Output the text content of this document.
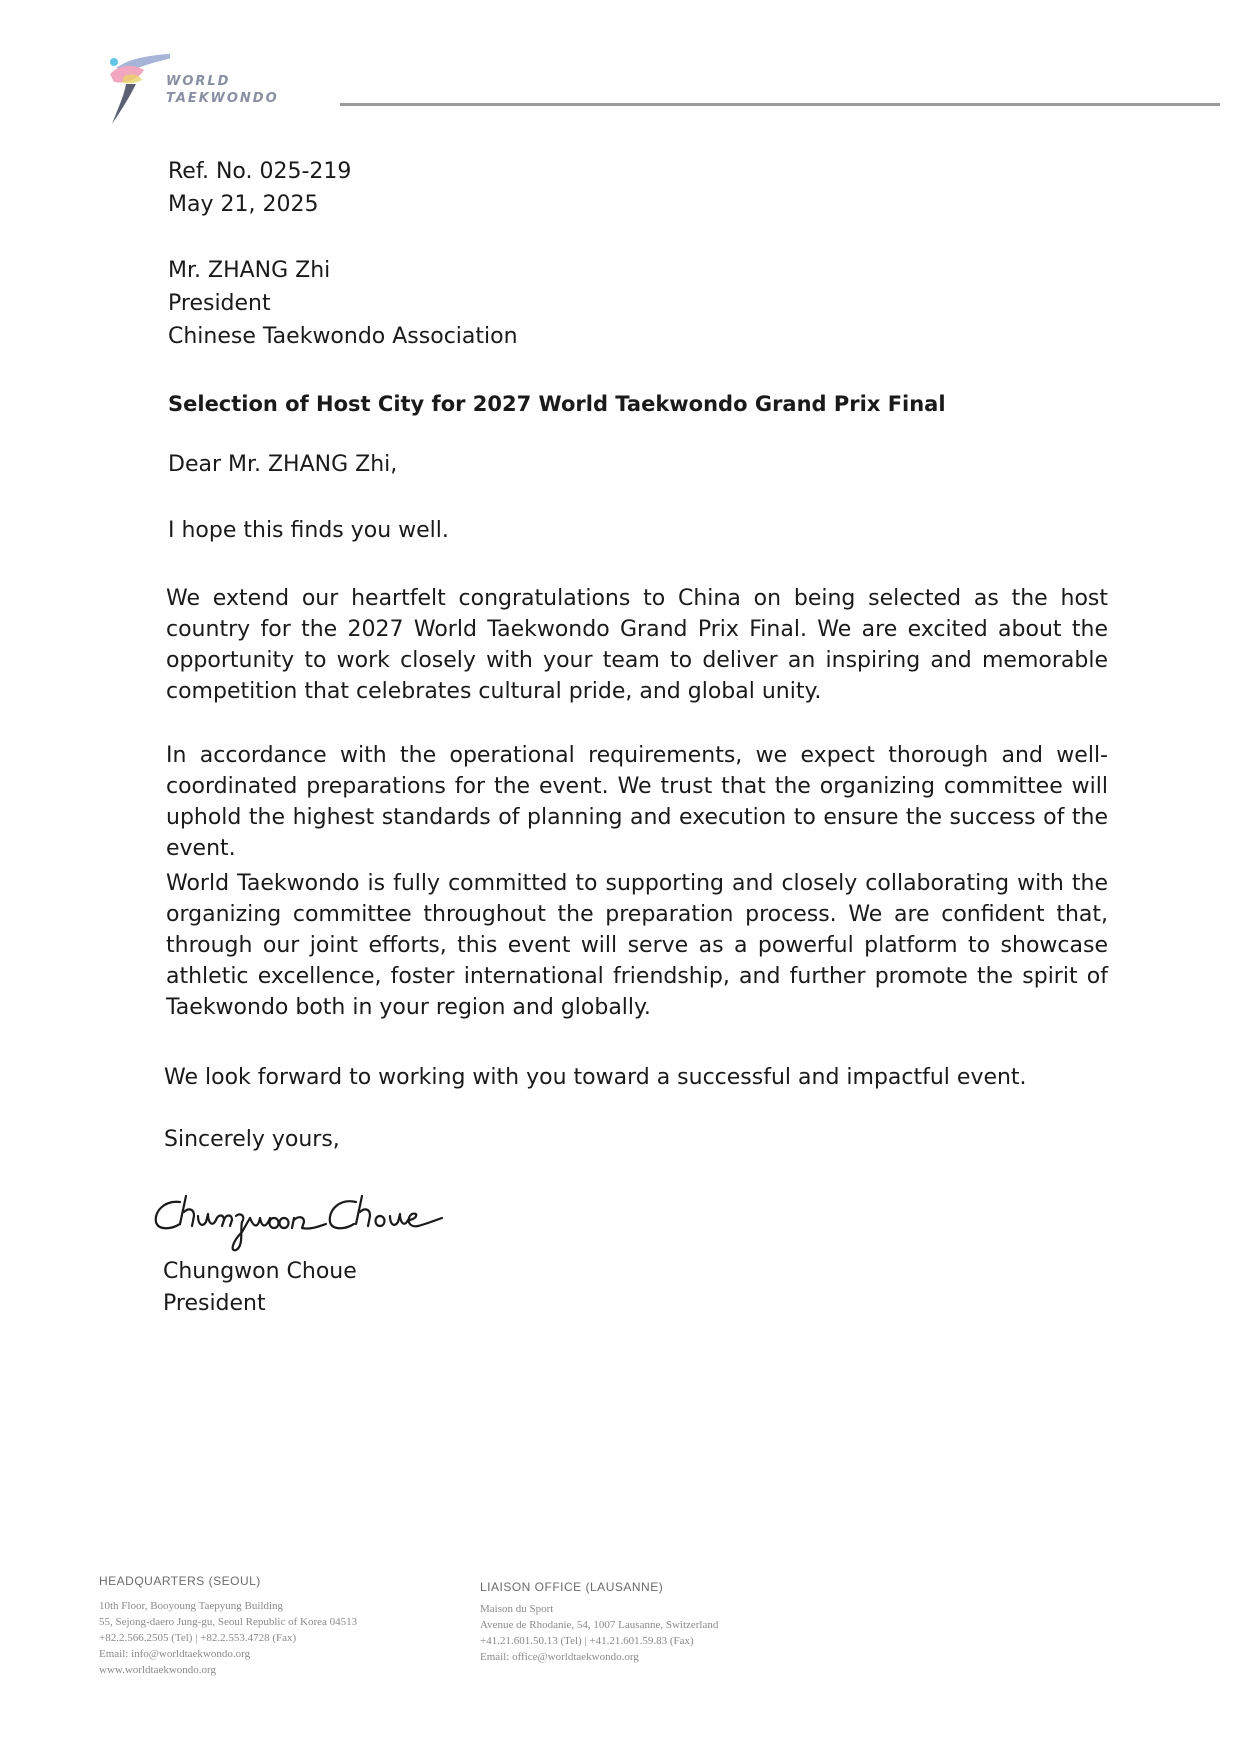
WORLD
TAEKWONDO
Ref. No. 025-219
May 21, 2025
Mr. ZHANG Zhi
President
Chinese Taekwondo Association
Selection of Host City for 2027 World Taekwondo Grand Prix Final
Dear Mr. ZHANG Zhi,
I hope this finds you well.
We extend our heartfelt congratulations to China on being selected as the host country for the 2027 World Taekwondo Grand Prix Final. We are excited about the opportunity to work closely with your team to deliver an inspiring and memorable competition that celebrates cultural pride, and global unity.
In accordance with the operational requirements, we expect thorough and well-coordinated preparations for the event. We trust that the organizing committee will uphold the highest standards of planning and execution to ensure the success of the event.
World Taekwondo is fully committed to supporting and closely collaborating with the organizing committee throughout the preparation process. We are confident that, through our joint efforts, this event will serve as a powerful platform to showcase athletic excellence, foster international friendship, and further promote the spirit of Taekwondo both in your region and globally.
We look forward to working with you toward a successful and impactful event.
Sincerely yours,
Chungwon Choue
President
HEADQUARTERS (SEOUL)
10th Floor, Booyoung Taepyung Building
55, Sejong-daero Jung-gu, Seoul Republic of Korea 04513
+82.2.566.2505 (Tel) | +82.2.553.4728 (Fax)
Email: info@worldtaekwondo.org
www.worldtaekwondo.org
LIAISON OFFICE (LAUSANNE)
Maison du Sport
Avenue de Rhodanie, 54, 1007 Lausanne, Switzerland
+41.21.601.50.13 (Tel) | +41.21.601.59.83 (Fax)
Email: office@worldtaekwondo.org
